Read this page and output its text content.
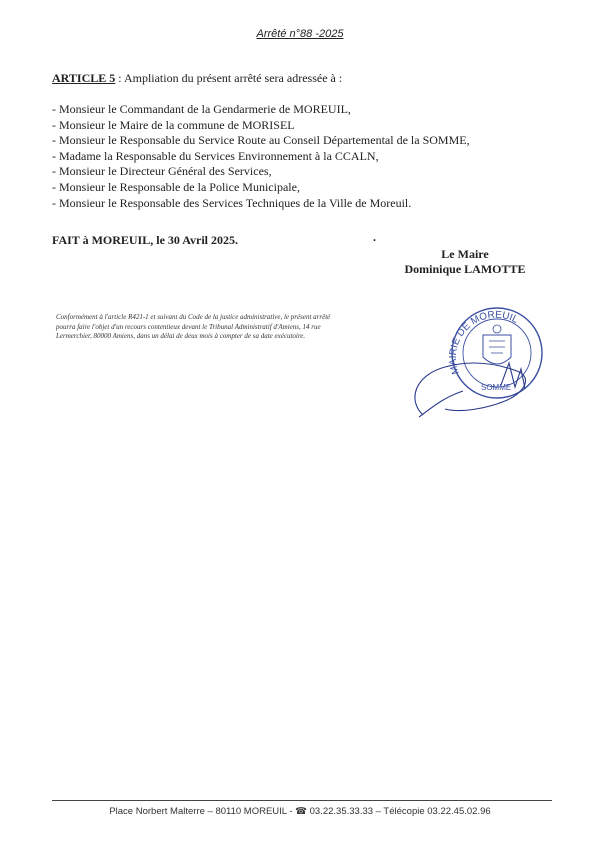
Arrêté n°88 -2025
ARTICLE 5 : Ampliation du présent arrêté sera adressée à :
- Monsieur le Commandant de la Gendarmerie de MOREUIL,
- Monsieur le Maire de la commune de MORISEL
- Monsieur le Responsable du Service Route au Conseil Départemental de la SOMME,
- Madame la Responsable du Services Environnement à la CCALN,
- Monsieur le Directeur Général des Services,
- Monsieur le Responsable de la Police Municipale,
- Monsieur le Responsable des Services Techniques de la Ville de Moreuil.
FAIT à MOREUIL, le 30 Avril 2025.	.
Le Maire
Dominique LAMOTTE
Conformément à l'article R421-1 et suivant du Code de la justice administrative, le présent arrêté pourra faire l'objet d'un recours contentieux devant le Tribunal Administratif d'Amiens, 14 rue Lermerchier, 80000 Amiens, dans un délai de deux mois à compter de sa date exécutoire.
MAIRIE DE MOREUIL
SOMME
Place Norbert Malterre – 80110 MOREUIL - ☎ 03.22.35.33.33 – Télécopie 03.22.45.02.96
